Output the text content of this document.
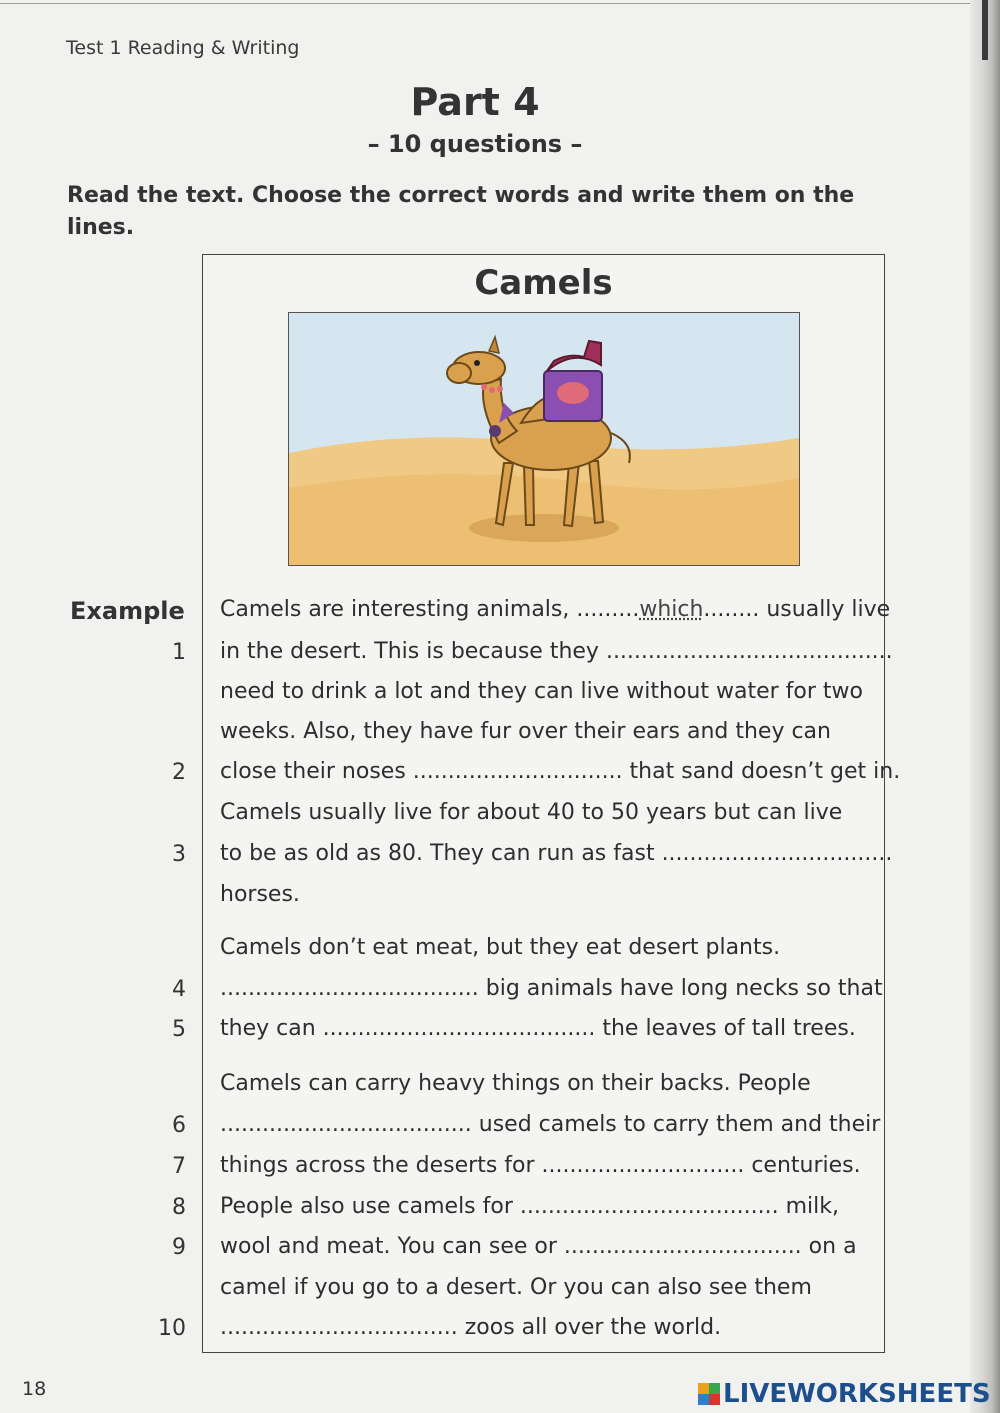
Test 1 Reading & Writing
Part 4
– 10 questions –
Read the text. Choose the correct words and write them on the lines.
Camels
Example
1
2
3
4
5
6
7
8
9
10
Camels are interesting animals, .........which........ usually live
in the desert. This is because they .........................................
need to drink a lot and they can live without water for two
weeks. Also, they have fur over their ears and they can
close their noses .............................. that sand doesn’t get in.
Camels usually live for about 40 to 50 years but can live
to be as old as 80. They can run as fast .................................
horses.
Camels don’t eat meat, but they eat desert plants.
..................................... big animals have long necks so that
they can ....................................... the leaves of tall trees.
Camels can carry heavy things on their backs. People
.................................... used camels to carry them and their
things across the deserts for ............................. centuries.
People also use camels for ..................................... milk,
wool and meat. You can see or .................................. on a
camel if you go to a desert. Or you can also see them
.................................. zoos all over the world.
18	LIVEWORKSHEETS
